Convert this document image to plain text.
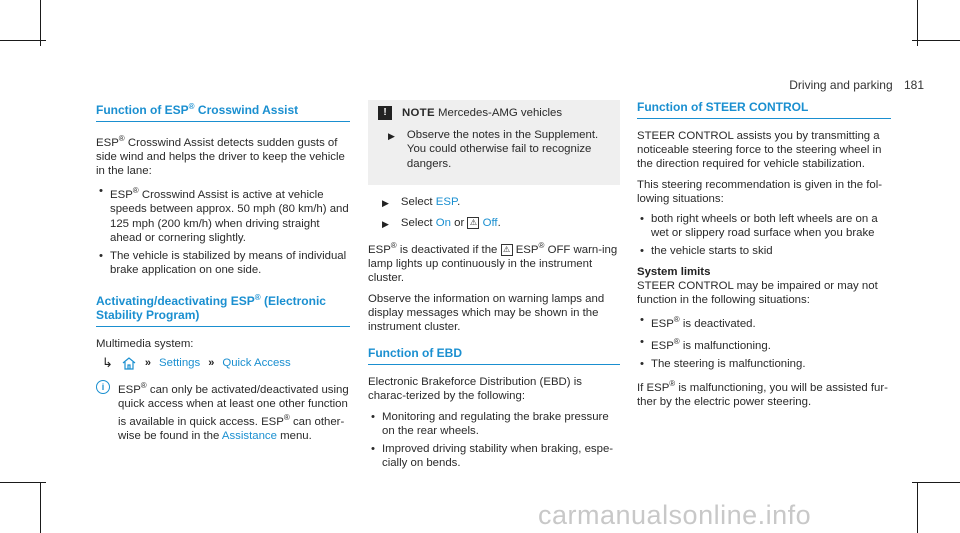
Driving and parking 181
Function of ESP® Crosswind Assist

ESP® Crosswind Assist detects sudden gusts of side wind and helps the driver to keep the vehicle in the lane:

• ESP® Crosswind Assist is active at vehicle speeds between approx. 50 mph (80 km/h) and 125 mph (200 km/h) when driving straight ahead or cornering slightly.
• The vehicle is stabilized by means of individual brake application on one side.
Activating/deactivating ESP® (Electronic Stability Program)

Multimedia system:

↳	» Settings » Quick Access
i	ESP® can only be activated/deactivated using quick access when at least one other function is available in quick access. ESP® can other-wise be found in the Assistance menu.
!	NOTE Mercedes-AMG vehicles
▶ Observe the notes in the Supplement. You could otherwise fail to recognize dangers.
▶ Select ESP.
▶ Select On or ⚠ Off.

ESP® is deactivated if the ⚠ ESP® OFF warn-ing lamp lights up continuously in the instrument cluster.

Observe the information on warning lamps and display messages which may be shown in the instrument cluster.

Function of EBD

Electronic Brakeforce Distribution (EBD) is charac-terized by the following:

• Monitoring and regulating the brake pressure on the rear wheels.
• Improved driving stability when braking, espe-cially on bends.
Function of STEER CONTROL

STEER CONTROL assists you by transmitting a noticeable steering force to the steering wheel in the direction required for vehicle stabilization.

This steering recommendation is given in the fol-lowing situations:

• both right wheels or both left wheels are on a wet or slippery road surface when you brake
• the vehicle starts to skid
System limits

STEER CONTROL may be impaired or may not function in the following situations:

• ESP® is deactivated.
• ESP® is malfunctioning.
• The steering is malfunctioning.

If ESP® is malfunctioning, you will be assisted fur-ther by the electric power steering.

carmanualsonline.info
